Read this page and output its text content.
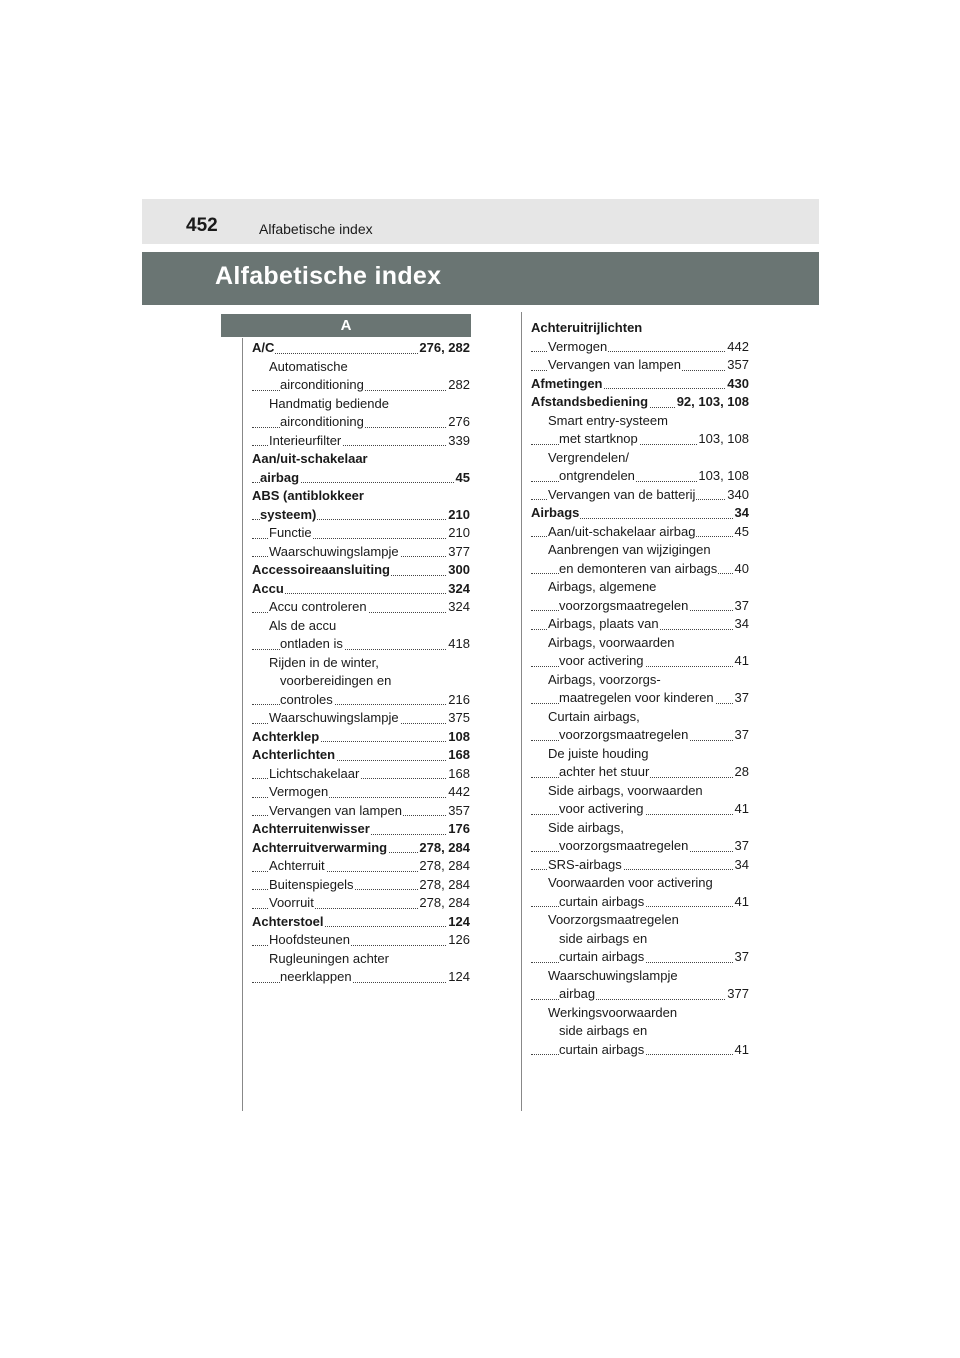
452	Alfabetische index
Alfabetische index
A
A/C	276, 282
Automatische
airconditioning	282
Handmatig bediende
airconditioning	276
Interieurfilter	339
Aan/uit-schakelaar
airbag	45
ABS (antiblokkeer
systeem)	210
Functie	210
Waarschuwingslampje	377
Accessoireaansluiting	300
Accu	324
Accu controleren	324
Als de accu
ontladen is	418
Rijden in de winter,
voorbereidingen en
controles	216
Waarschuwingslampje	375
Achterklep	108
Achterlichten	168
Lichtschakelaar	168
Vermogen	442
Vervangen van lampen	357
Achterruitenwisser	176
Achterruitverwarming 278, 284
Achterruit	278, 284
Buitenspiegels	278, 284
Voorruit	278, 284
Achterstoel	124
Hoofdsteunen	126
Rugleuningen achter
neerklappen	124
Achteruitrijlichten
Vermogen	442
Vervangen van lampen	357
Afmetingen	430
Afstandsbediening 92, 103, 108
Smart entry-systeem
met startknop	103, 108
Vergrendelen/
ontgrendelen	103, 108
Vervangen van de batterij 340
Airbags	34
Aan/uit-schakelaar airbag	45
Aanbrengen van wijzigingen
en demonteren van airbags 40
Airbags, algemene
voorzorgsmaatregelen	37
Airbags, plaats van	34
Airbags, voorwaarden
voor activering	41
Airbags, voorzorgs-
maatregelen voor kinderen 37
Curtain airbags,
voorzorgsmaatregelen	37
De juiste houding
achter het stuur	28
Side airbags, voorwaarden
voor activering	41
Side airbags,
voorzorgsmaatregelen	37
SRS-airbags	34
Voorwaarden voor activering
curtain airbags	41
Voorzorgsmaatregelen
side airbags en
curtain airbags	37
Waarschuwingslampje
airbag	377
Werkingsvoorwaarden
side airbags en
curtain airbags	41
